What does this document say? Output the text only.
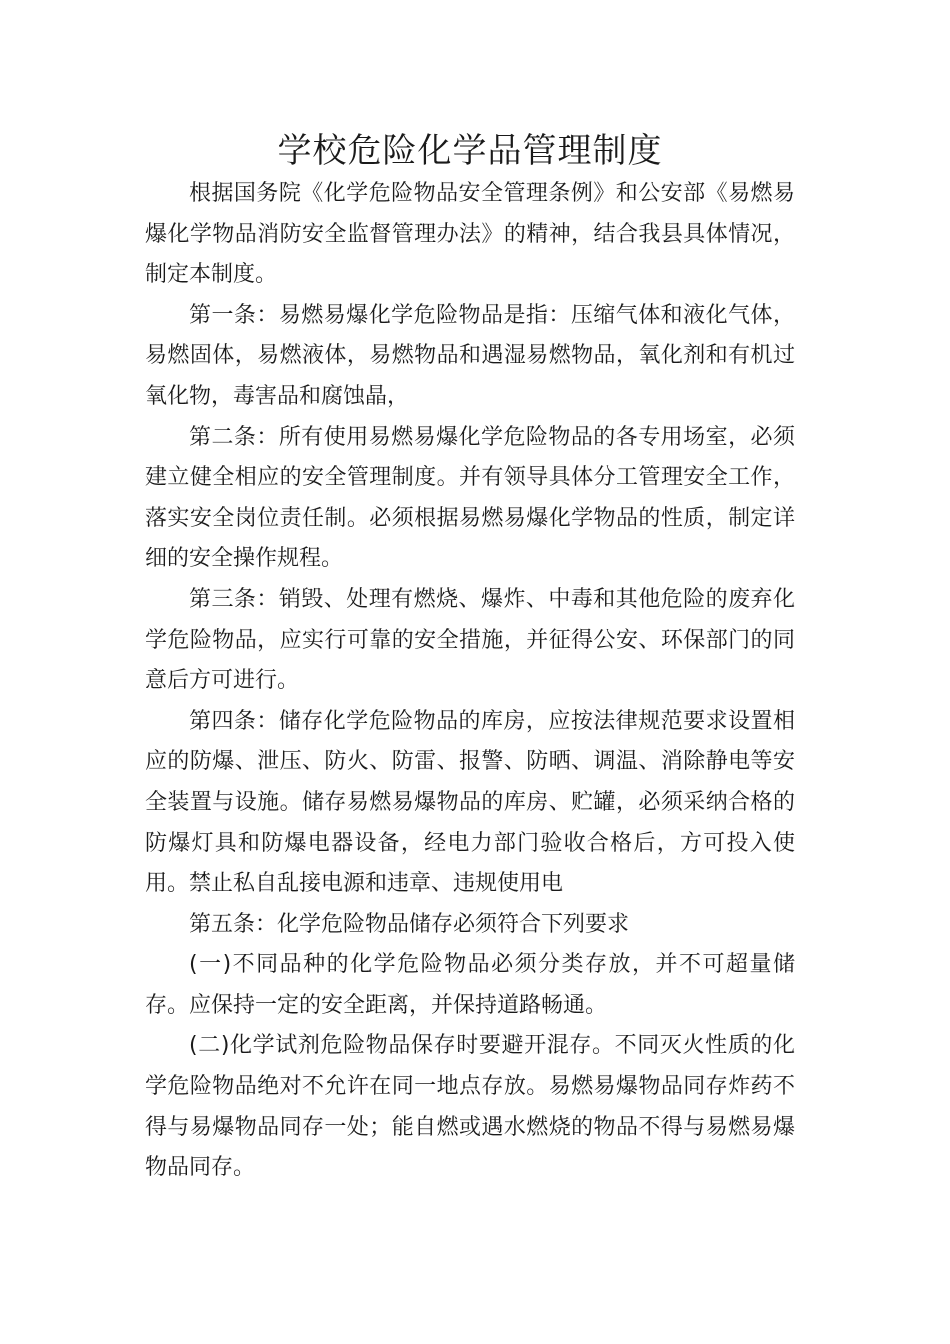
学校危险化学品管理制度

根据国务院《化学危险物品安全管理条例》和公安部《易燃易爆化学物品消防安全监督管理办法》的精神，结合我县具体情况，制定本制度。

第一条：易燃易爆化学危险物品是指：压缩气体和液化气体，易燃固体，易燃液体，易燃物品和遇湿易燃物品，氧化剂和有机过氧化物，毒害品和腐蚀晶，

第二条：所有使用易燃易爆化学危险物品的各专用场室，必须建立健全相应的安全管理制度。并有领导具体分工管理安全工作，落实安全岗位责任制。必须根据易燃易爆化学物品的性质，制定详细的安全操作规程。

第三条：销毁、处理有燃烧、爆炸、中毒和其他危险的废弃化学危险物品，应实行可靠的安全措施，并征得公安、环保部门的同意后方可进行。

第四条：储存化学危险物品的库房，应按法律规范要求设置相应的防爆、泄压、防火、防雷、报警、防晒、调温、消除静电等安全装置与设施。储存易燃易爆物品的库房、贮罐，必须采纳合格的防爆灯具和防爆电器设备，经电力部门验收合格后，方可投入使用。禁止私自乱接电源和违章、违规使用电

第五条：化学危险物品储存必须符合下列要求

(一)不同品种的化学危险物品必须分类存放，并不可超量储存。应保持一定的安全距离，并保持道路畅通。

(二)化学试剂危险物品保存时要避开混存。不同灭火性质的化学危险物品绝对不允许在同一地点存放。易燃易爆物品同存炸药不得与易爆物品同存一处；能自燃或遇水燃烧的物品不得与易燃易爆物品同存。
